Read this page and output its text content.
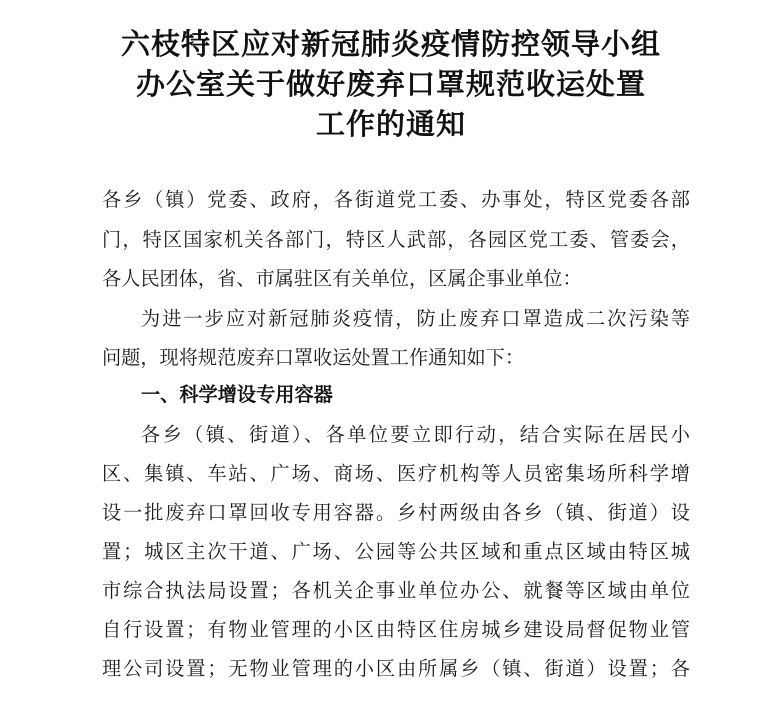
六枝特区应对新冠肺炎疫情防控领导小组
办公室关于做好废弃口罩规范收运处置
工作的通知
各乡（镇）党委、政府，各街道党工委、办事处，特区党委各部
门，特区国家机关各部门，特区人武部，各园区党工委、管委会，
各人民团体，省、市属驻区有关单位，区属企事业单位：
为进一步应对新冠肺炎疫情，防止废弃口罩造成二次污染等
问题，现将规范废弃口罩收运处置工作通知如下：
一、科学增设专用容器
各乡（镇、街道）、各单位要立即行动，结合实际在居民小
区、集镇、车站、广场、商场、医疗机构等人员密集场所科学增
设一批废弃口罩回收专用容器。乡村两级由各乡（镇、街道）设
置；城区主次干道、广场、公园等公共区域和重点区域由特区城
市综合执法局设置；各机关企事业单位办公、就餐等区域由单位
自行设置；有物业管理的小区由特区住房城乡建设局督促物业管
理公司设置；无物业管理的小区由所属乡（镇、街道）设置；各
